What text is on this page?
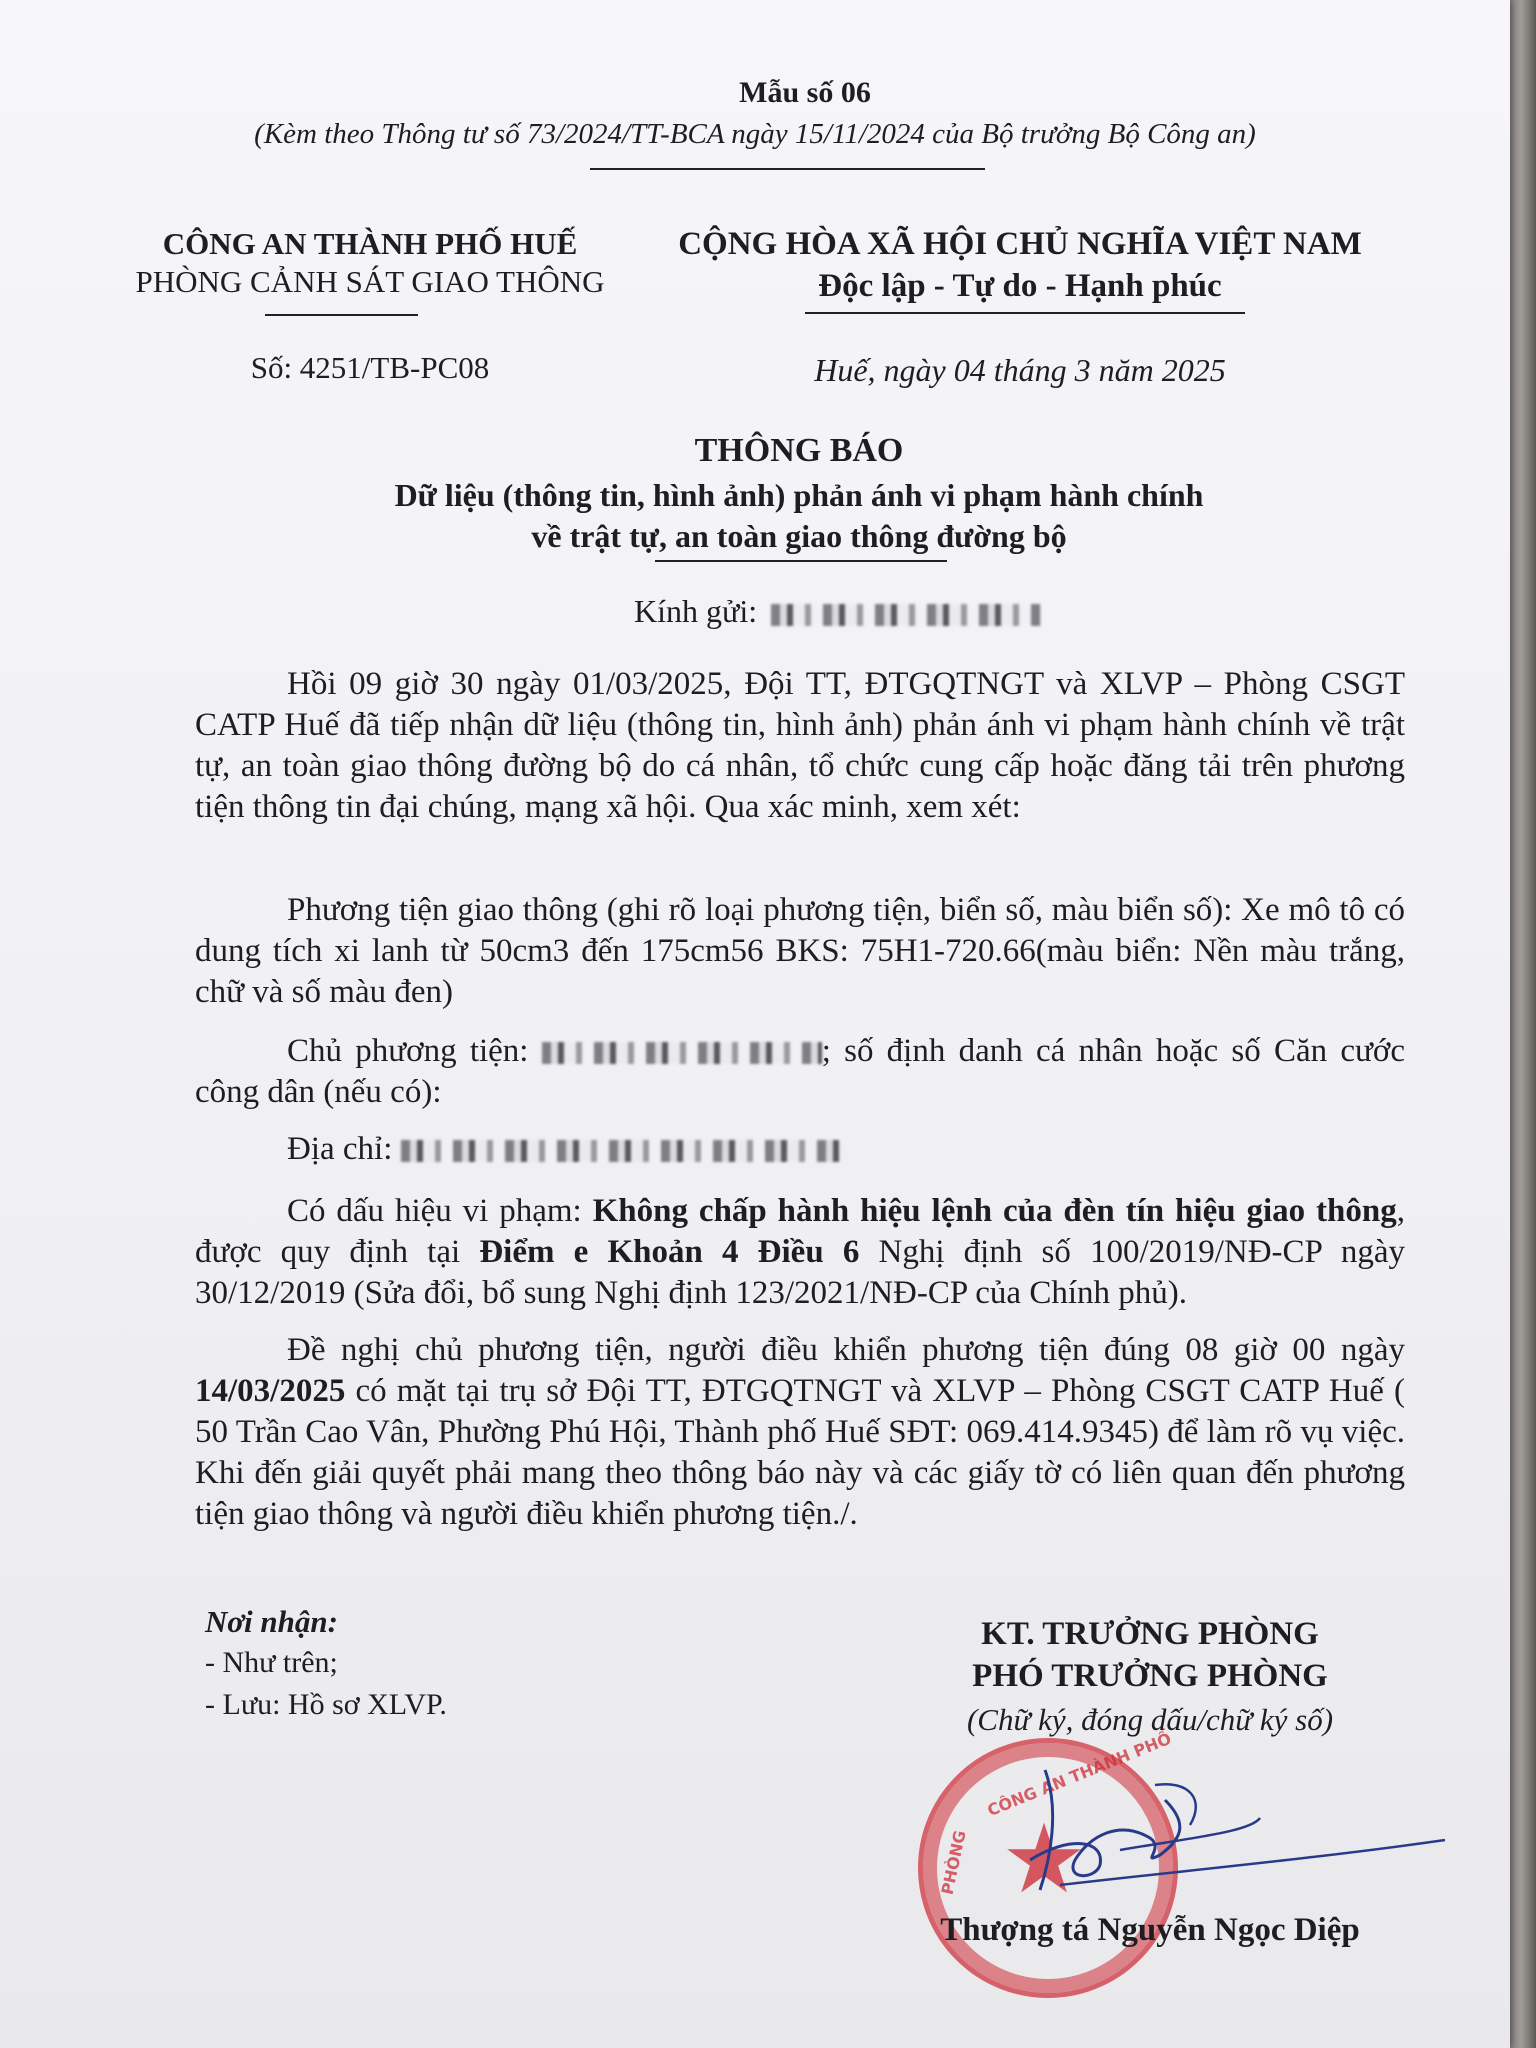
Mẫu số 06
(Kèm theo Thông tư số 73/2024/TT-BCA ngày 15/11/2024 của Bộ trưởng Bộ Công an)
CÔNG AN THÀNH PHỐ HUẾ
PHÒNG CẢNH SÁT GIAO THÔNG
Số: 4251/TB-PC08
CỘNG HÒA XÃ HỘI CHỦ NGHĨA VIỆT NAM
Độc lập - Tự do - Hạnh phúc
Huế, ngày 04 tháng 3 năm 2025
THÔNG BÁO
Dữ liệu (thông tin, hình ảnh) phản ánh vi phạm hành chính
về trật tự, an toàn giao thông đường bộ
Kính gửi:
Hồi 09 giờ 30 ngày 01/03/2025, Đội TT, ĐTGQTNGT và XLVP – Phòng CSGT CATP Huế đã tiếp nhận dữ liệu (thông tin, hình ảnh) phản ánh vi phạm hành chính về trật tự, an toàn giao thông đường bộ do cá nhân, tổ chức cung cấp hoặc đăng tải trên phương tiện thông tin đại chúng, mạng xã hội. Qua xác minh, xem xét:
Phương tiện giao thông (ghi rõ loại phương tiện, biển số, màu biển số): Xe mô tô có dung tích xi lanh từ 50cm3 đến 175cm56 BKS: 75H1-720.66(màu biển: Nền màu trắng, chữ và số màu đen)
Chủ phương tiện:	; số định danh cá nhân hoặc số Căn cước công dân (nếu có):
Địa chỉ:
Có dấu hiệu vi phạm: Không chấp hành hiệu lệnh của đèn tín hiệu giao thông, được quy định tại Điểm e Khoản 4 Điều 6 Nghị định số 100/2019/NĐ-CP ngày 30/12/2019 (Sửa đổi, bổ sung Nghị định 123/2021/NĐ-CP của Chính phủ).
Đề nghị chủ phương tiện, người điều khiển phương tiện đúng 08 giờ 00 ngày 14/03/2025 có mặt tại trụ sở Đội TT, ĐTGQTNGT và XLVP – Phòng CSGT CATP Huế ( 50 Trần Cao Vân, Phường Phú Hội, Thành phố Huế SĐT: 069.414.9345) để làm rõ vụ việc. Khi đến giải quyết phải mang theo thông báo này và các giấy tờ có liên quan đến phương tiện giao thông và người điều khiển phương tiện./.
Nơi nhận:
- Như trên;
- Lưu: Hồ sơ XLVP.
KT. TRƯỞNG PHÒNG
PHÓ TRƯỞNG PHÒNG
(Chữ ký, đóng dấu/chữ ký số)
★
CÔNG AN THÀNH PHỐ
PHÒNG
Thượng tá Nguyễn Ngọc Diệp
